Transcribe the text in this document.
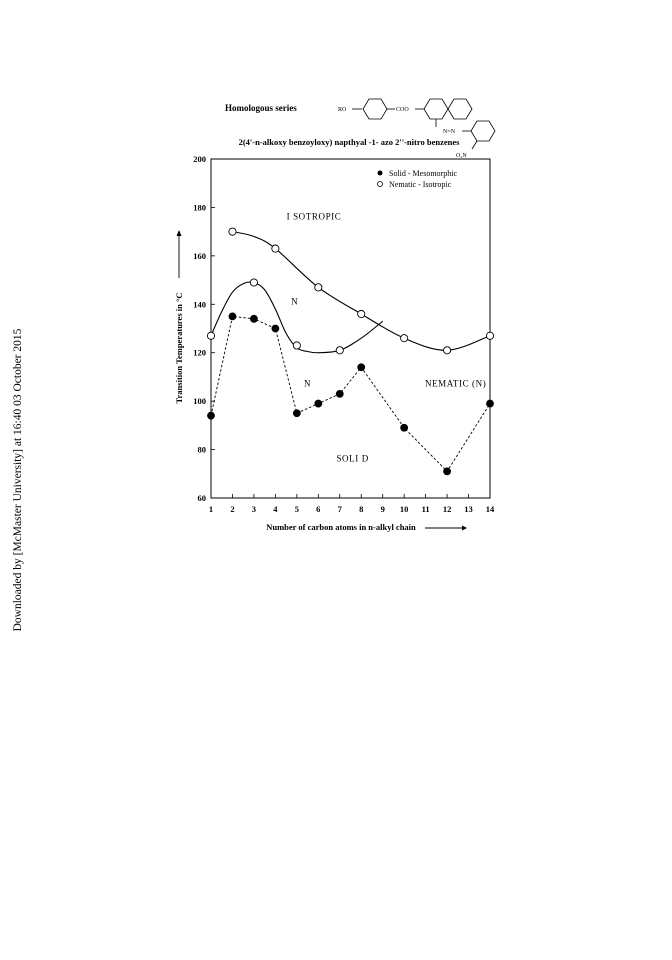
Downloaded by [McMaster University] at 16:40 03 October 2015
Homologous series	RO	COO
N=N
O₂N
2(4'-n-alkoxy benzoyloxy) napthyal -1- azo 2''-nitro benzenes
1 2 3 4 5 6 7 8 9 10 11 12 13 14
60
80
100
120
140
160
180
200
I SOTROPIC
N
N	NEMATIC (N)
SOLI D
Number of carbon atoms in n-alkyl chain
Transition Temperatures in °C
Solid - Mesomorphic
Nematic - Isotropic
